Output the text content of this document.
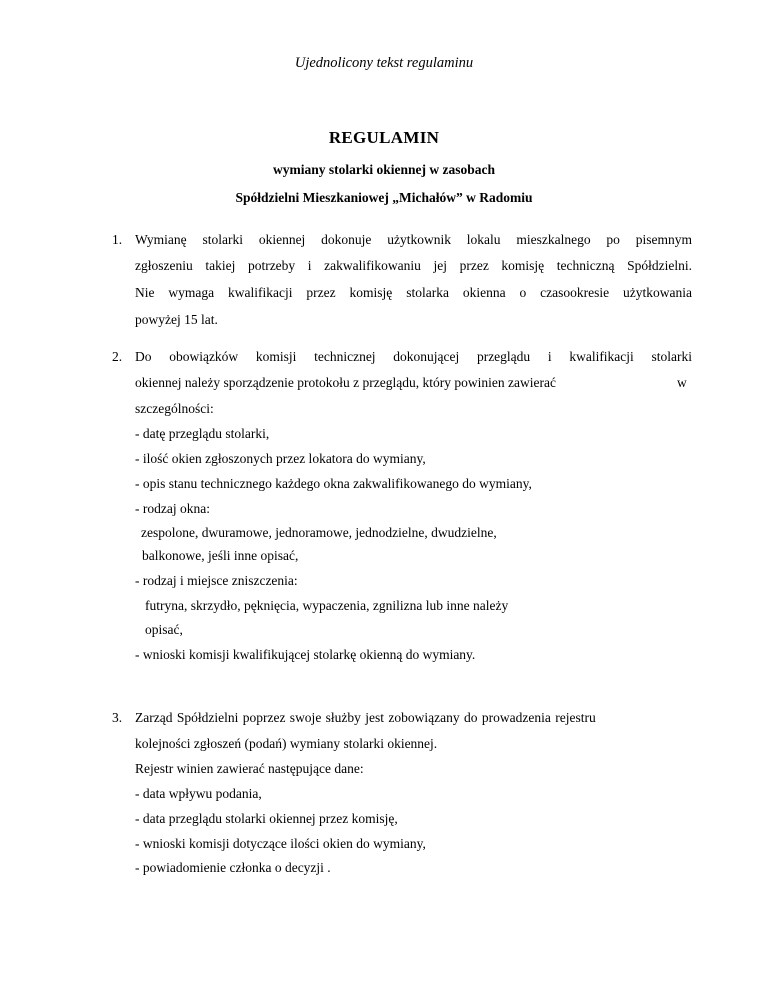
Ujednolicony tekst regulaminu
REGULAMIN
wymiany stolarki okiennej w zasobach
Spółdzielni Mieszkaniowej „Michałów” w Radomiu
1. Wymianę stolarki okiennej dokonuje użytkownik lokalu mieszkalnego po pisemnym
zgłoszeniu takiej potrzeby i zakwalifikowaniu jej przez komisję techniczną Spółdzielni.
Nie wymaga kwalifikacji przez komisję stolarka okienna o czasookresie użytkowania
powyżej 15 lat.
2. Do obowiązków komisji technicznej dokonującej przeglądu i kwalifikacji stolarki
okiennej należy sporządzenie protokołu z przeglądu, który powinien zawierać	w
szczególności:
- datę przeglądu stolarki,
- ilość okien zgłoszonych przez lokatora do wymiany,
- opis stanu technicznego każdego okna zakwalifikowanego do wymiany,
- rodzaj okna:
zespolone, dwuramowe, jednoramowe, jednodzielne, dwudzielne,
balkonowe, jeśli inne opisać,
- rodzaj i miejsce zniszczenia:
futryna, skrzydło, pęknięcia, wypaczenia, zgnilizna lub inne należy
opisać,
- wnioski komisji kwalifikującej stolarkę okienną do wymiany.
3. Zarząd Spółdzielni poprzez swoje służby jest zobowiązany do prowadzenia rejestru
kolejności zgłoszeń (podań) wymiany stolarki okiennej.
Rejestr winien zawierać następujące dane:
- data wpływu podania,
- data przeglądu stolarki okiennej przez komisję,
- wnioski komisji dotyczące ilości okien do wymiany,
- powiadomienie członka o decyzji .
